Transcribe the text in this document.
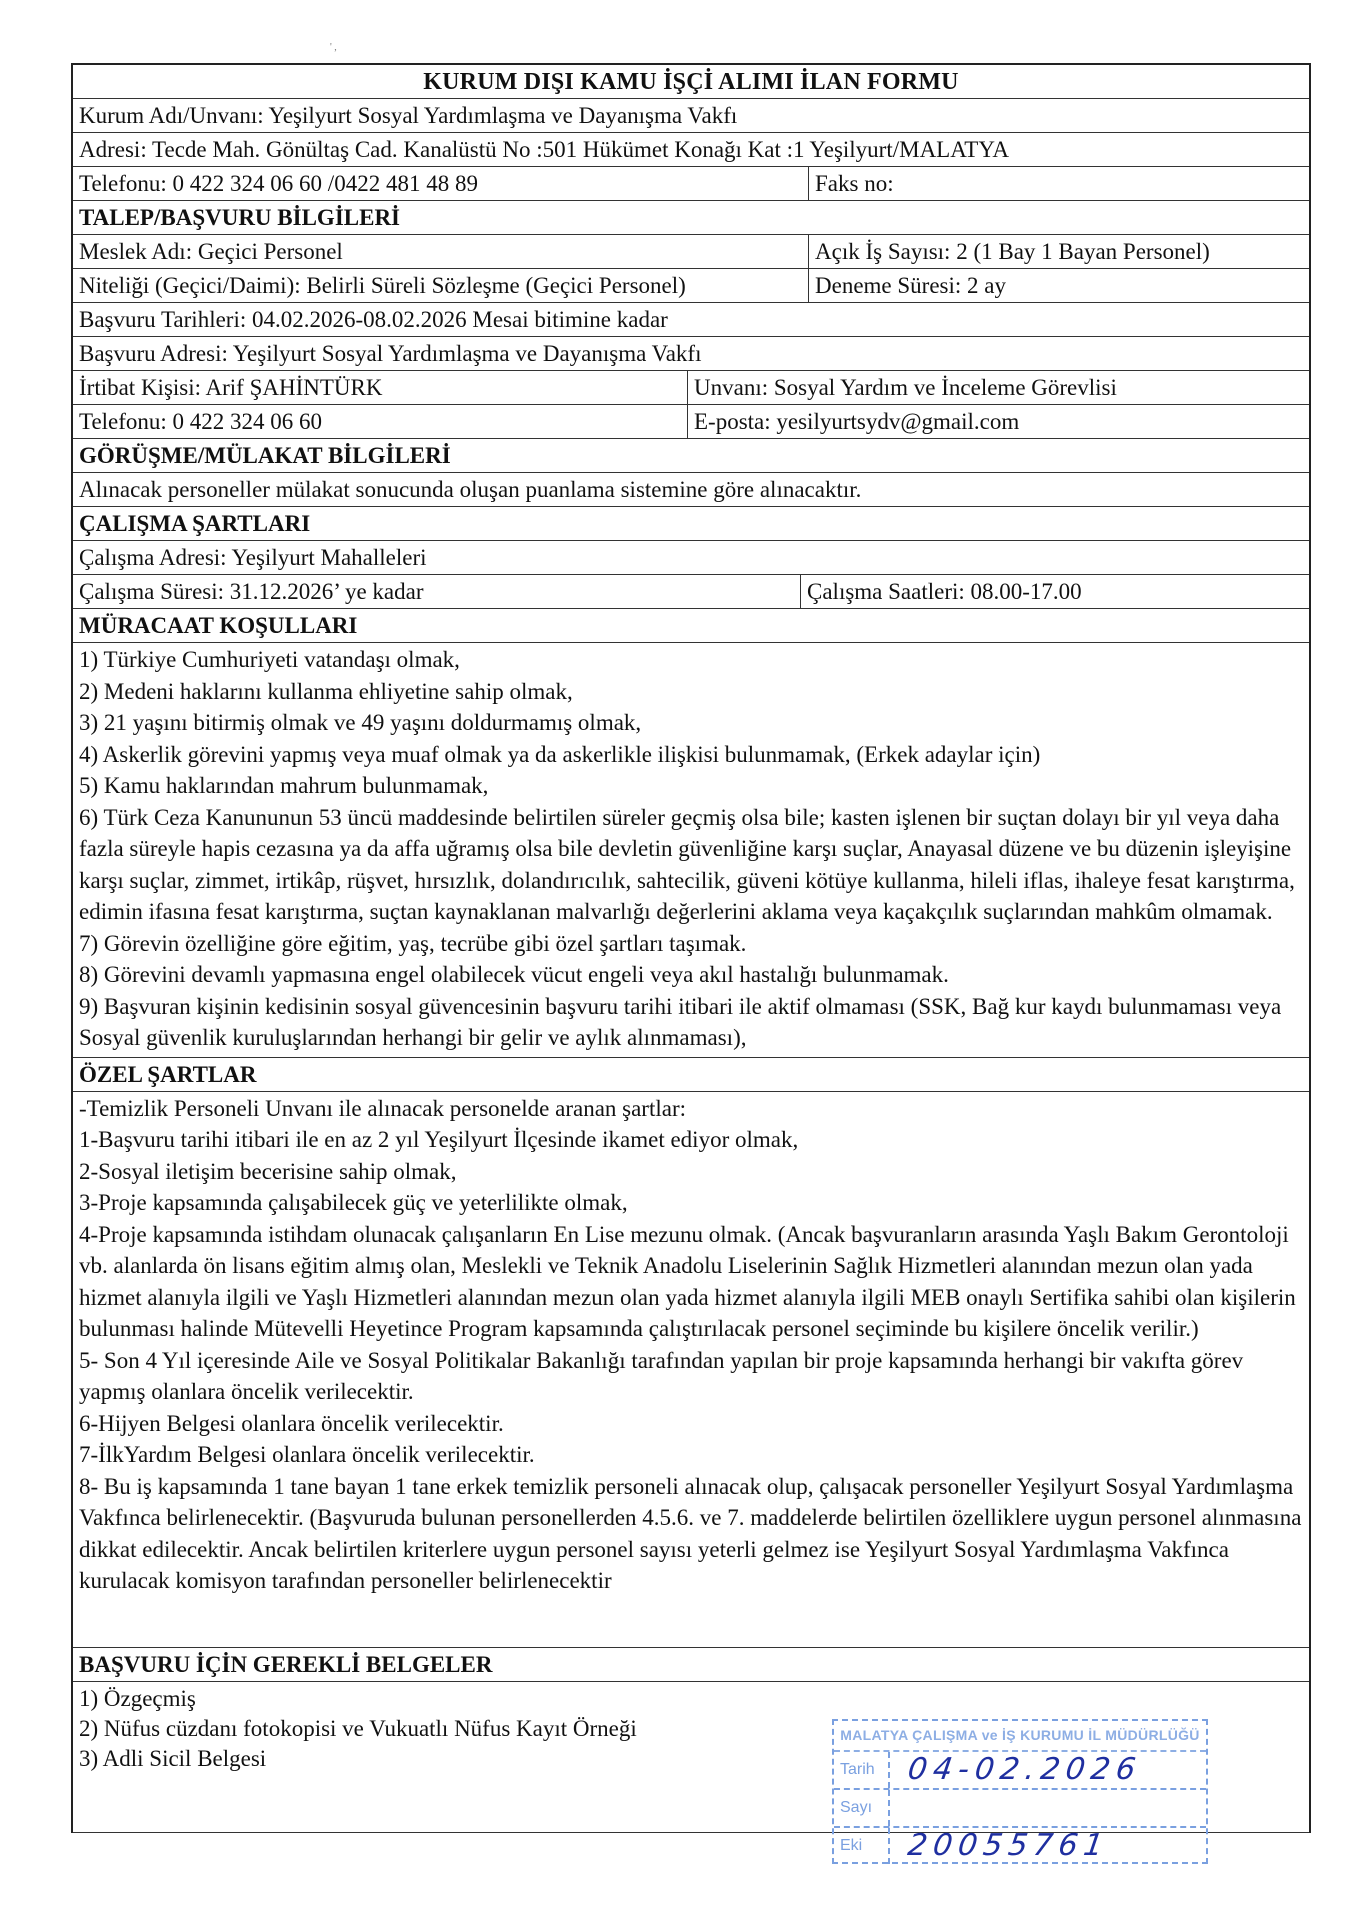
' ,
KURUM DIŞI KAMU İŞÇİ ALIMI İLAN FORMU
Kurum Adı/Unvanı: Yeşilyurt Sosyal Yardımlaşma ve Dayanışma Vakfı
Adresi: Tecde Mah. Gönültaş Cad. Kanalüstü No :501 Hükümet Konağı Kat :1 Yeşilyurt/MALATYA
Telefonu: 0 422 324 06 60 /0422 481 48 89	Faks no:
TALEP/BAŞVURU BİLGİLERİ
Meslek Adı: Geçici Personel	Açık İş Sayısı: 2 (1 Bay 1 Bayan Personel)
Niteliği (Geçici/Daimi): Belirli Süreli Sözleşme (Geçici Personel)	Deneme Süresi: 2 ay
Başvuru Tarihleri: 04.02.2026-08.02.2026 Mesai bitimine kadar
Başvuru Adresi: Yeşilyurt Sosyal Yardımlaşma ve Dayanışma Vakfı
İrtibat Kişisi: Arif ŞAHİNTÜRK	Unvanı: Sosyal Yardım ve İnceleme Görevlisi
Telefonu: 0 422 324 06 60	E-posta: yesilyurtsydv@gmail.com
GÖRÜŞME/MÜLAKAT BİLGİLERİ
Alınacak personeller mülakat sonucunda oluşan puanlama sistemine göre alınacaktır.
ÇALIŞMA ŞARTLARI
Çalışma Adresi: Yeşilyurt Mahalleleri
Çalışma Süresi: 31.12.2026’ ye kadar	Çalışma Saatleri: 08.00-17.00
MÜRACAAT KOŞULLARI
1) Türkiye Cumhuriyeti vatandaşı olmak,
2) Medeni haklarını kullanma ehliyetine sahip olmak,
3) 21 yaşını bitirmiş olmak ve 49 yaşını doldurmamış olmak,
4) Askerlik görevini yapmış veya muaf olmak ya da askerlikle ilişkisi bulunmamak, (Erkek adaylar için)
5) Kamu haklarından mahrum bulunmamak,
6) Türk Ceza Kanununun 53 üncü maddesinde belirtilen süreler geçmiş olsa bile; kasten işlenen bir suçtan dolayı bir yıl veya daha fazla süreyle hapis cezasına ya da affa uğramış olsa bile devletin güvenliğine karşı suçlar, Anayasal düzene ve bu düzenin işleyişine karşı suçlar, zimmet, irtikâp, rüşvet, hırsızlık, dolandırıcılık, sahtecilik, güveni kötüye kullanma, hileli iflas, ihaleye fesat karıştırma, edimin ifasına fesat karıştırma, suçtan kaynaklanan malvarlığı değerlerini aklama veya kaçakçılık suçlarından mahkûm olmamak.
7) Görevin özelliğine göre eğitim, yaş, tecrübe gibi özel şartları taşımak.
8) Görevini devamlı yapmasına engel olabilecek vücut engeli veya akıl hastalığı bulunmamak.
9) Başvuran kişinin kedisinin sosyal güvencesinin başvuru tarihi itibari ile aktif olmaması (SSK, Bağ kur kaydı bulunmaması veya Sosyal güvenlik kuruluşlarından herhangi bir gelir ve aylık alınmaması),
ÖZEL ŞARTLAR
-Temizlik Personeli Unvanı ile alınacak personelde aranan şartlar:
1-Başvuru tarihi itibari ile en az 2 yıl Yeşilyurt İlçesinde ikamet ediyor olmak,
2-Sosyal iletişim becerisine sahip olmak,
3-Proje kapsamında çalışabilecek güç ve yeterlilikte olmak,
4-Proje kapsamında istihdam olunacak çalışanların En Lise mezunu olmak. (Ancak başvuranların arasında Yaşlı Bakım Gerontoloji vb. alanlarda ön lisans eğitim almış olan, Meslekli ve Teknik Anadolu Liselerinin Sağlık Hizmetleri alanından mezun olan yada hizmet alanıyla ilgili ve Yaşlı Hizmetleri alanından mezun olan yada hizmet alanıyla ilgili MEB onaylı Sertifika sahibi olan kişilerin bulunması halinde Mütevelli Heyetince Program kapsamında çalıştırılacak personel seçiminde bu kişilere öncelik verilir.)
5- Son 4 Yıl içeresinde Aile ve Sosyal Politikalar Bakanlığı tarafından yapılan bir proje kapsamında herhangi bir vakıfta görev yapmış olanlara öncelik verilecektir.
6-Hijyen Belgesi olanlara öncelik verilecektir.
7-İlkYardım Belgesi olanlara öncelik verilecektir.
8- Bu iş kapsamında 1 tane bayan 1 tane erkek temizlik personeli alınacak olup, çalışacak personeller Yeşilyurt Sosyal Yardımlaşma Vakfınca belirlenecektir. (Başvuruda bulunan personellerden 4.5.6. ve 7. maddelerde belirtilen özelliklere uygun personel alınmasına dikkat edilecektir. Ancak belirtilen kriterlere uygun personel sayısı yeterli gelmez ise Yeşilyurt Sosyal Yardımlaşma Vakfınca kurulacak komisyon tarafından personeller belirlenecektir
BAŞVURU İÇİN GEREKLİ BELGELER
1) Özgeçmiş
2) Nüfus cüzdanı fotokopisi ve Vukuatlı Nüfus Kayıt Örneği
3) Adli Sicil Belgesi
MALATYA ÇALIŞMA ve İŞ KURUMU İL MÜDÜRLÜĞÜ
Tarih	04-02.2026
Sayı
Eki	20055761
